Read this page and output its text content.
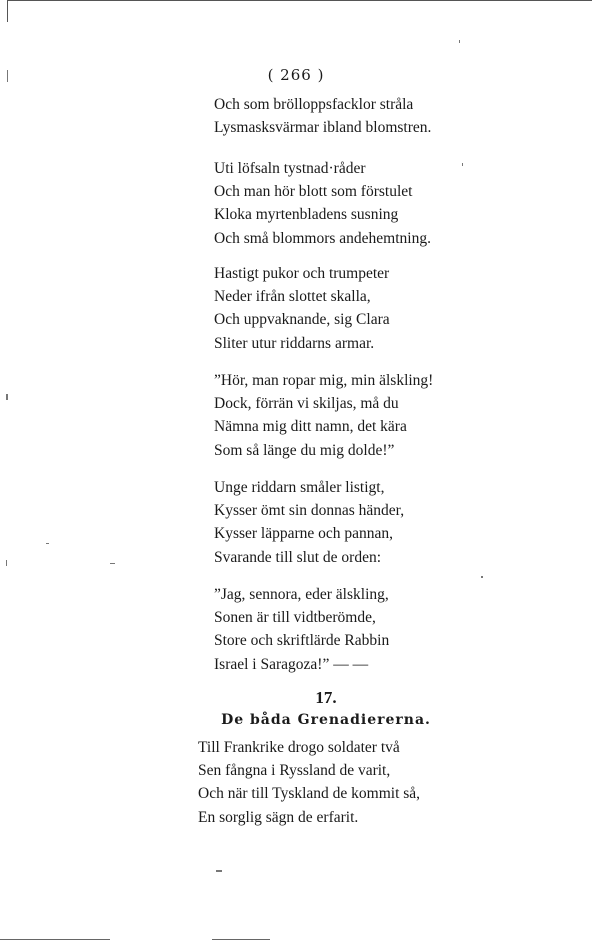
( 266 )
Och som brölloppsfacklor stråla
Lysmasksvärmar ibland blomstren.
Uti löfsaln tystnad·råder
Och man hör blott som förstulet
Kloka myrtenbladens susning
Och små blommors andehemtning.
Hastigt pukor och trumpeter
Neder ifrån slottet skalla,
Och uppvaknande, sig Clara
Sliter utur riddarns armar.
”Hör, man ropar mig, min älskling!
Dock, förrän vi skiljas, må du
Nämna mig ditt namn, det kära
Som så länge du mig dolde!”
Unge riddarn småler listigt,
Kysser ömt sin donnas händer,
Kysser läpparne och pannan,
Svarande till slut de orden:
”Jag, sennora, eder älskling,
Sonen är till vidtberömde,
Store och skriftlärde Rabbin
Israel i Saragoza!” — —
17.
De båda Grenadiererna.
Till Frankrike drogo soldater två
Sen fångna i Ryssland de varit,
Och när till Tyskland de kommit så,
En sorglig sägn de erfarit.
